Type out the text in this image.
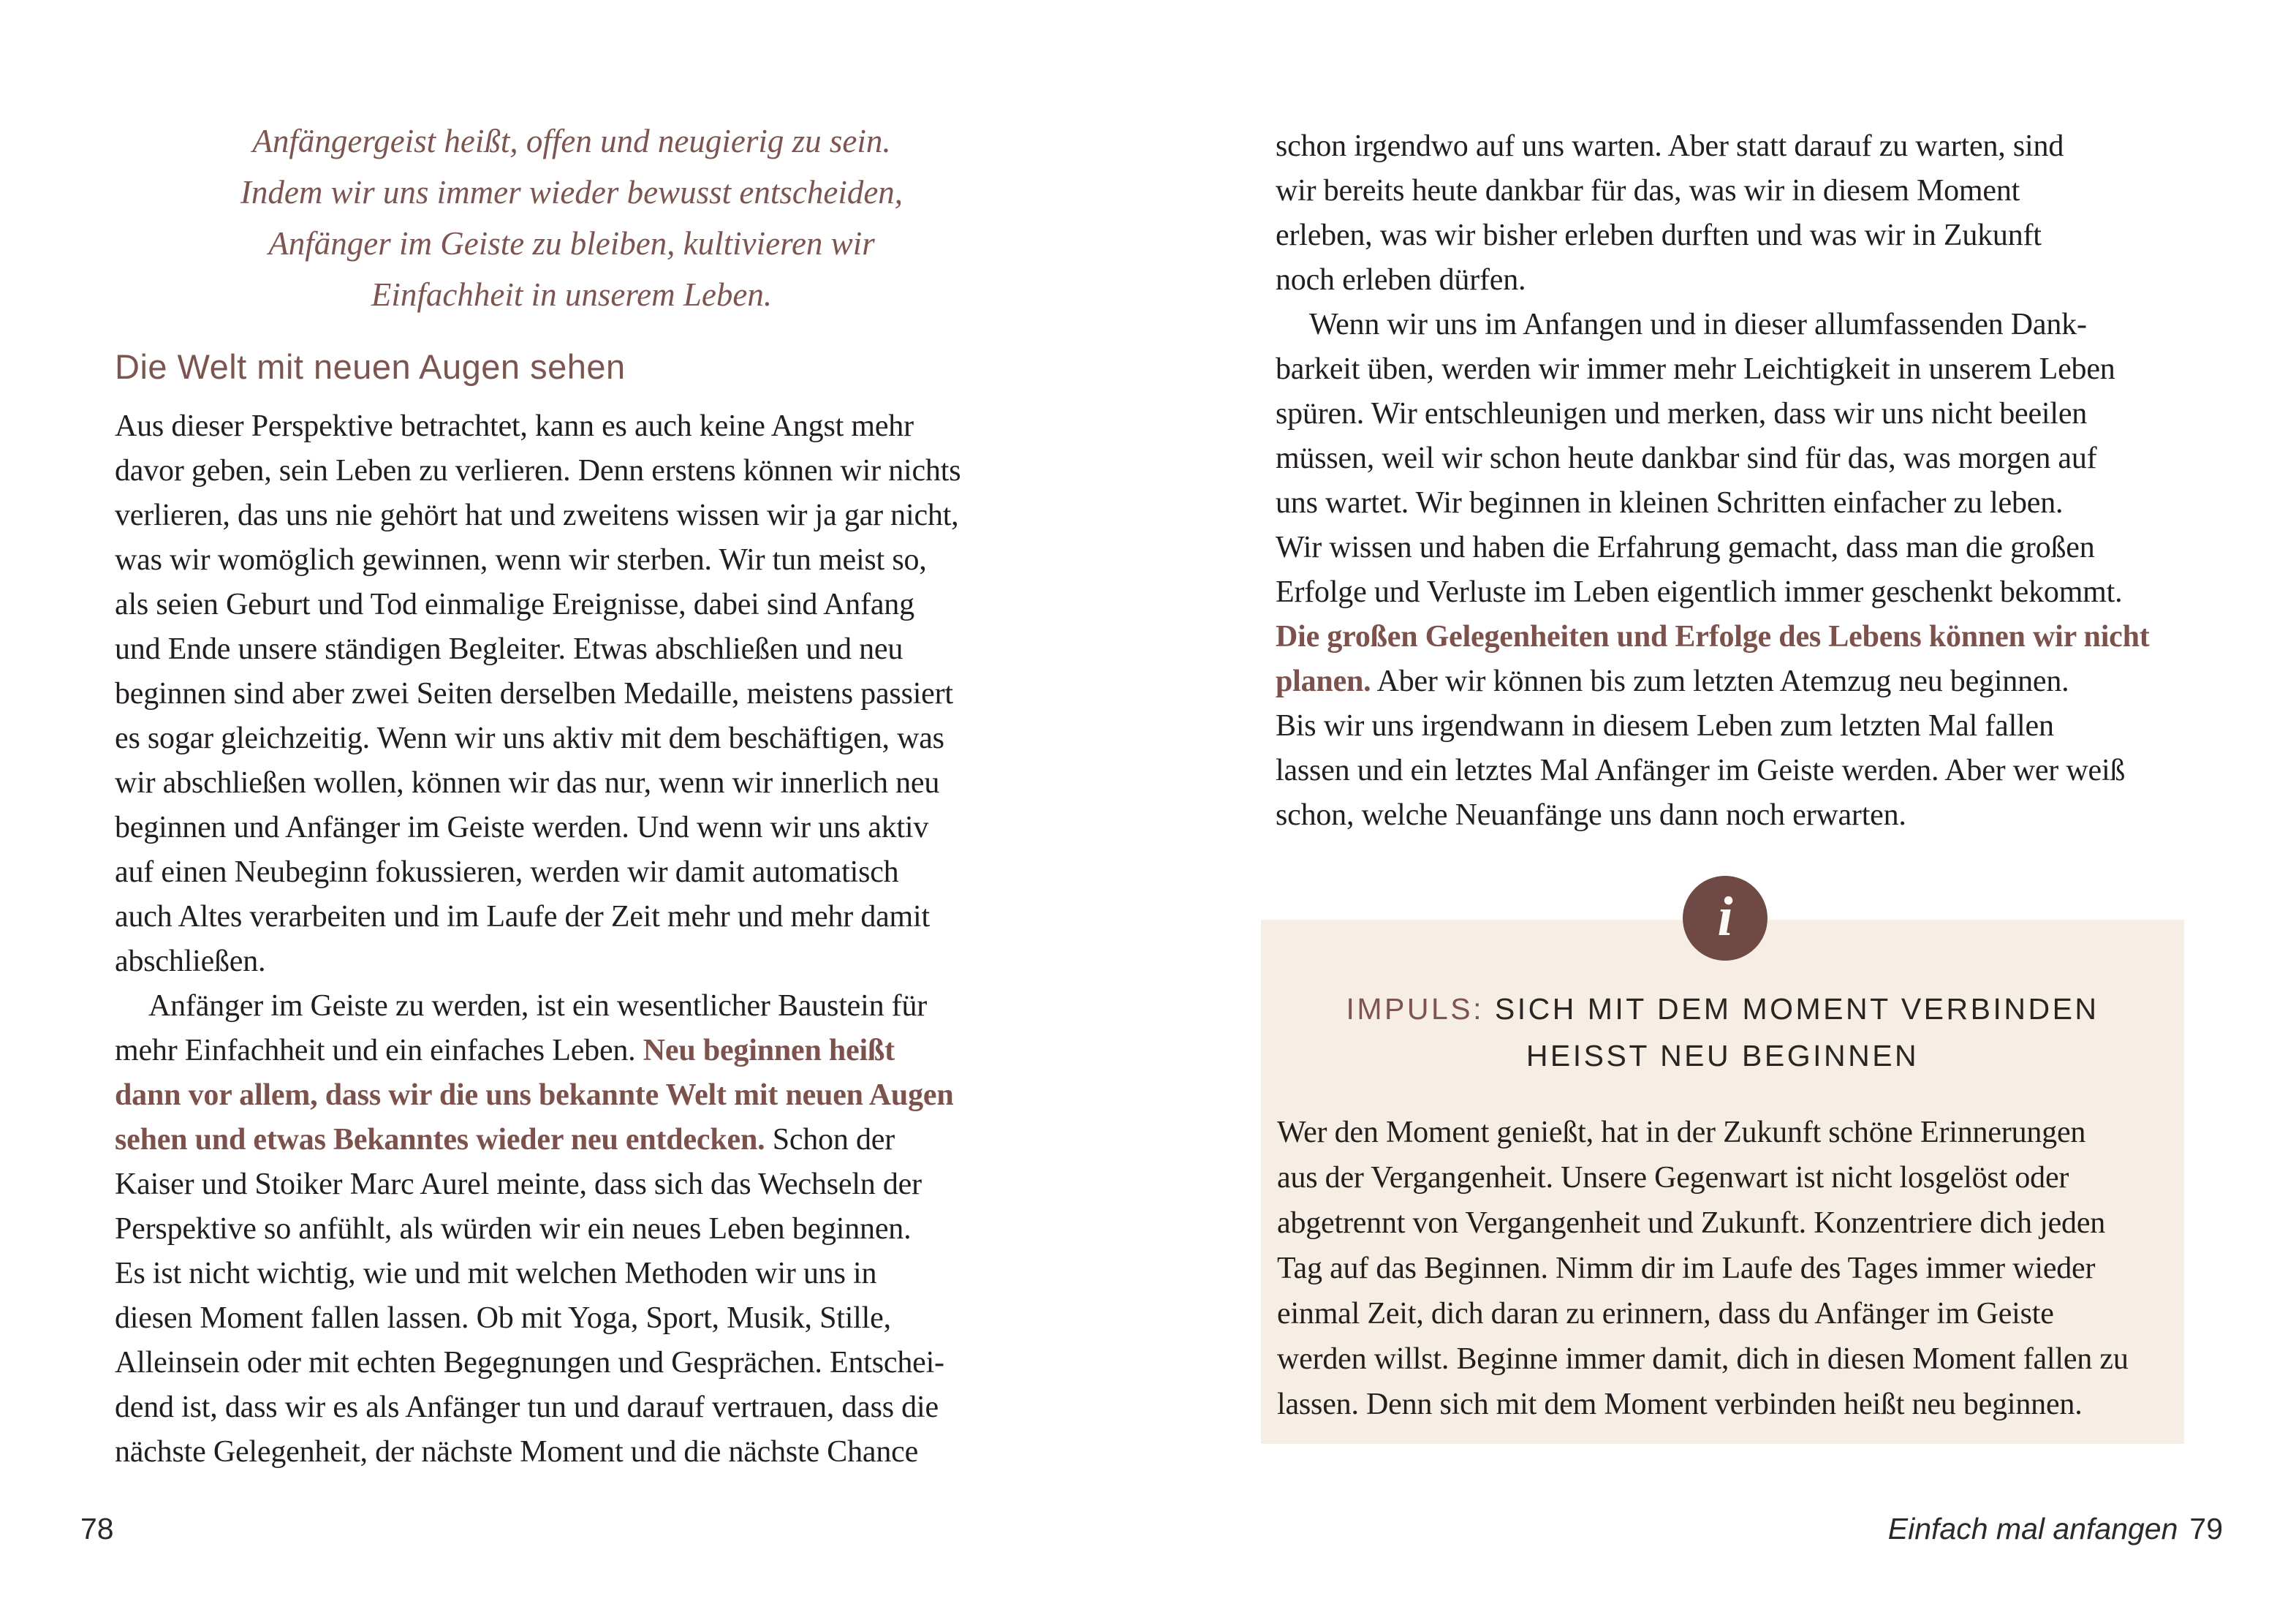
Anfängergeist heißt, offen und neugierig zu sein.
Indem wir uns immer wieder bewusst entscheiden,
Anfänger im Geiste zu bleiben, kultivieren wir
Einfachheit in unserem Leben.
Die Welt mit neuen Augen sehen
Aus dieser Perspektive betrachtet, kann es auch keine Angst mehr
davor geben, sein Leben zu verlieren. Denn erstens können wir nichts
verlieren, das uns nie gehört hat und zweitens wissen wir ja gar nicht,
was wir womöglich gewinnen, wenn wir sterben. Wir tun meist so,
als seien Geburt und Tod einmalige Ereignisse, dabei sind Anfang
und Ende unsere ständigen Begleiter. Etwas abschließen und neu
beginnen sind aber zwei Seiten derselben Medaille, meistens passiert
es sogar gleichzeitig. Wenn wir uns aktiv mit dem beschäftigen, was
wir abschließen wollen, können wir das nur, wenn wir innerlich neu
beginnen und Anfänger im Geiste werden. Und wenn wir uns aktiv
auf einen Neubeginn fokussieren, werden wir damit automatisch
auch Altes verarbeiten und im Laufe der Zeit mehr und mehr damit
abschließen.
Anfänger im Geiste zu werden, ist ein wesentlicher Baustein für
mehr Einfachheit und ein einfaches Leben. Neu beginnen heißt
dann vor allem, dass wir die uns bekannte Welt mit neuen Augen
sehen und etwas Bekanntes wieder neu entdecken. Schon der
Kaiser und Stoiker Marc Aurel meinte, dass sich das Wechseln der
Perspektive so anfühlt, als würden wir ein neues Leben beginnen.
Es ist nicht wichtig, wie und mit welchen Methoden wir uns in
diesen Moment fallen lassen. Ob mit Yoga, Sport, Musik, Stille,
Alleinsein oder mit echten Begegnungen und Gesprächen. Entschei-
dend ist, dass wir es als Anfänger tun und darauf vertrauen, dass die
nächste Gelegenheit, der nächste Moment und die nächste Chance
schon irgendwo auf uns warten. Aber statt darauf zu warten, sind
wir bereits heute dankbar für das, was wir in diesem Moment
erleben, was wir bisher erleben durften und was wir in Zukunft
noch erleben dürfen.
Wenn wir uns im Anfangen und in dieser allumfassenden Dank-
barkeit üben, werden wir immer mehr Leichtigkeit in unserem Leben
spüren. Wir entschleunigen und merken, dass wir uns nicht beeilen
müssen, weil wir schon heute dankbar sind für das, was morgen auf
uns wartet. Wir beginnen in kleinen Schritten einfacher zu leben.
Wir wissen und haben die Erfahrung gemacht, dass man die großen
Erfolge und Verluste im Leben eigentlich immer geschenkt bekommt.
Die großen Gelegenheiten und Erfolge des Lebens können wir nicht
planen. Aber wir können bis zum letzten Atemzug neu beginnen.
Bis wir uns irgendwann in diesem Leben zum letzten Mal fallen
lassen und ein letztes Mal Anfänger im Geiste werden. Aber wer weiß
schon, welche Neuanfänge uns dann noch erwarten.
IMPULS: SICH MIT DEM MOMENT VERBINDEN
HEISST NEU BEGINNEN
Wer den Moment genießt, hat in der Zukunft schöne Erinnerungen
aus der Vergangenheit. Unsere Gegenwart ist nicht losgelöst oder
abgetrennt von Vergangenheit und Zukunft. Konzentriere dich jeden
Tag auf das Beginnen. Nimm dir im Laufe des Tages immer wieder
einmal Zeit, dich daran zu erinnern, dass du Anfänger im Geiste
werden willst. Beginne immer damit, dich in diesen Moment fallen zu
lassen. Denn sich mit dem Moment verbinden heißt neu beginnen.
i
78	Einfach mal anfangen 79
